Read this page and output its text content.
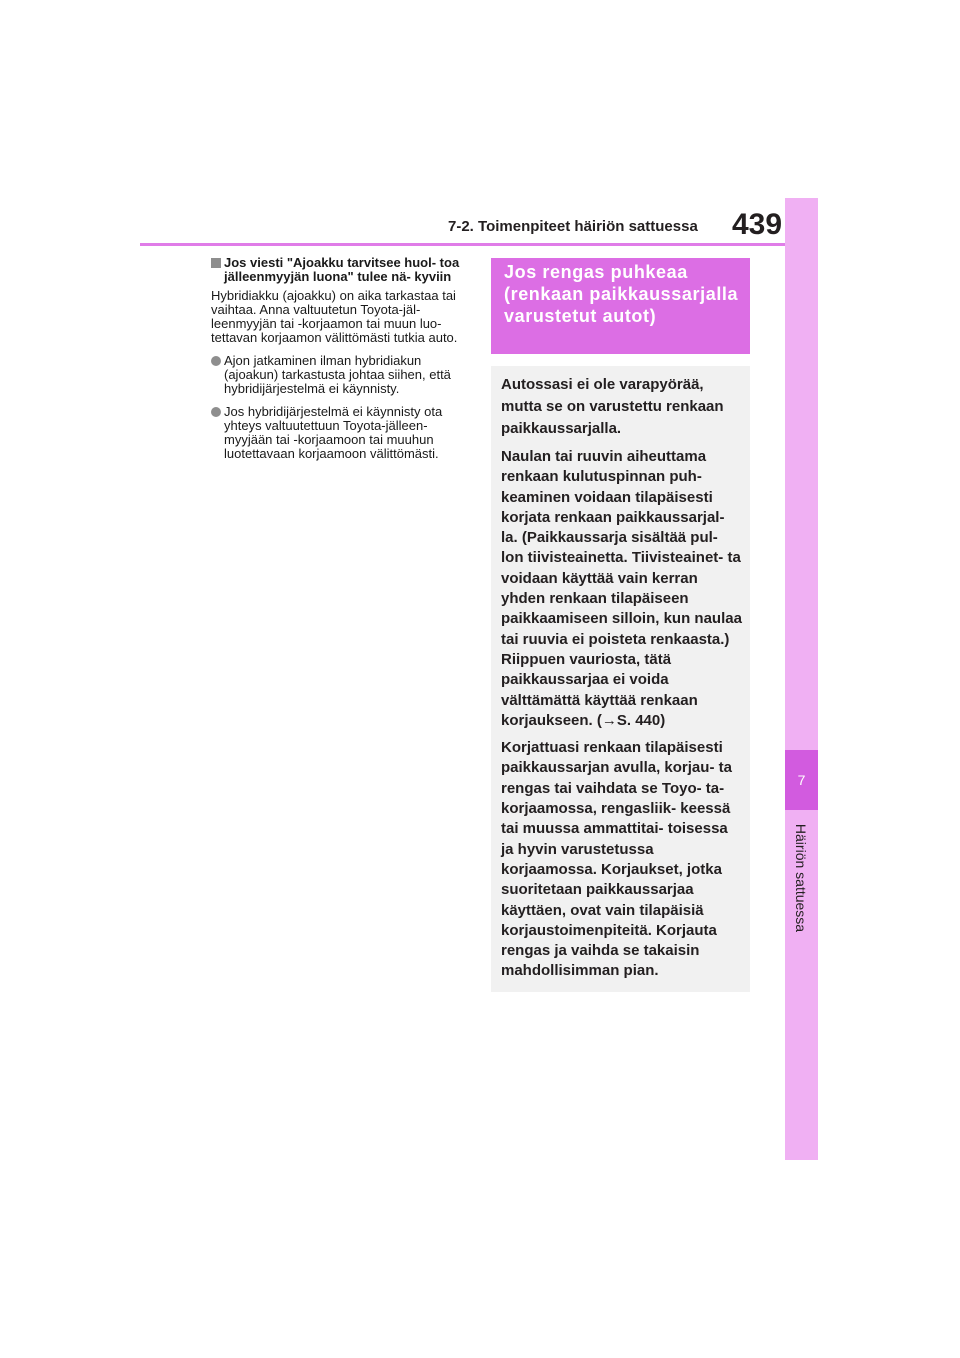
7
Häiriön sattuessa
7-2. Toimenpiteet häiriön sattuessa 439
Jos viesti "Ajoakku tarvitsee huol- toa jälleenmyyjän luona" tulee nä- kyviin
Hybridiakku (ajoakku) on aika tarkastaa tai vaihtaa. Anna valtuutetun Toyota-jäl- leenmyyjän tai -korjaamon tai muun luo- tettavan korjaamon välittömästi tutkia auto.
Ajon jatkaminen ilman hybridiakun (ajoakun) tarkastusta johtaa siihen, että hybridijärjestelmä ei käynnisty.
Jos hybridijärjestelmä ei käynnisty ota yhteys valtuutettuun Toyota-jälleen- myyjään tai -korjaamoon tai muuhun luotettavaan korjaamoon välittömästi.
Jos rengas puhkeaa (renkaan paikkaussarjalla varustetut autot)

Autossasi ei ole varapyörää, mutta se on varustettu renkaan paikkaussarjalla.

Naulan tai ruuvin aiheuttama renkaan kulutuspinnan puh- keaminen voidaan tilapäisesti korjata renkaan paikkaussarjal- la. (Paikkaussarja sisältää pul- lon tiivisteainetta. Tiivisteainet- ta voidaan käyttää vain kerran yhden renkaan tilapäiseen paikkaamiseen silloin, kun naulaa tai ruuvia ei poisteta renkaasta.) Riippuen vauriosta, tätä paikkaussarjaa ei voida välttämättä käyttää renkaan korjaukseen. (→S. 440)

Korjattuasi renkaan tilapäisesti paikkaussarjan avulla, korjau- ta rengas tai vaihdata se Toyo- ta-korjaamossa, rengasliik- keessä tai muussa ammattitai- toisessa ja hyvin varustetussa korjaamossa. Korjaukset, jotka suoritetaan paikkaussarjaa käyttäen, ovat vain tilapäisiä korjaustoimenpiteitä. Korjauta rengas ja vaihda se takaisin mahdollisimman pian.
